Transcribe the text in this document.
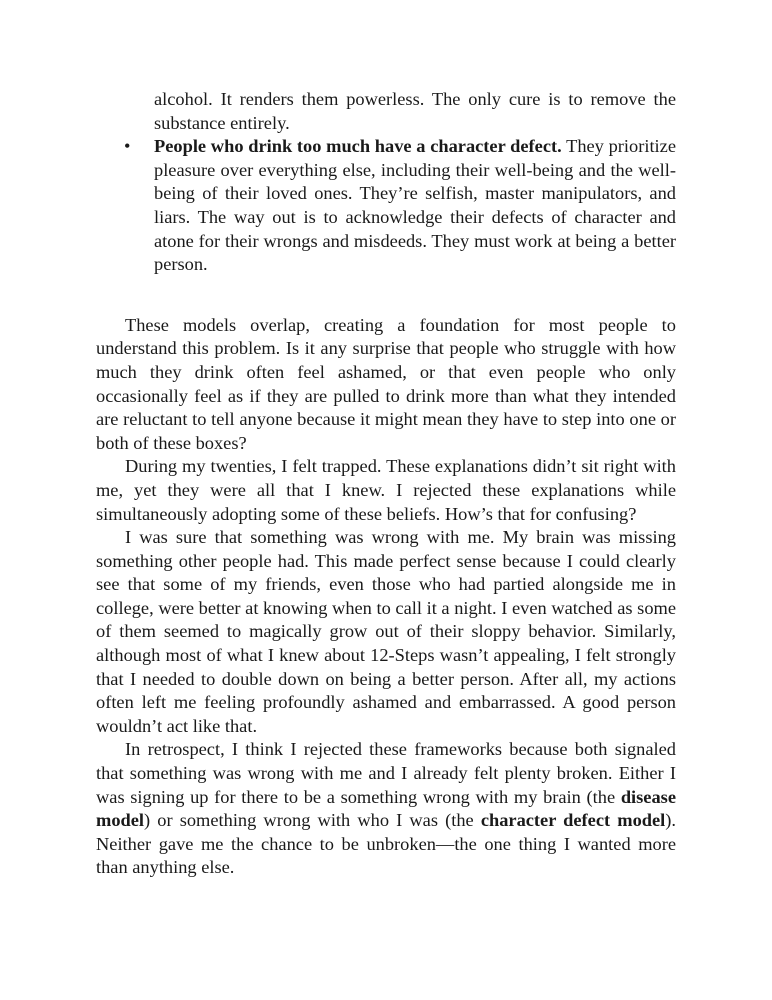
alcohol. It renders them powerless. The only cure is to remove the substance entirely.

• People who drink too much have a character defect. They prioritize pleasure over everything else, including their well-being and the well-being of their loved ones. They’re selfish, master manipulators, and liars. The way out is to acknowledge their defects of character and atone for their wrongs and misdeeds. They must work at being a better person.

These models overlap, creating a foundation for most people to understand this problem. Is it any surprise that people who struggle with how much they drink often feel ashamed, or that even people who only occasionally feel as if they are pulled to drink more than what they intended are reluctant to tell anyone because it might mean they have to step into one or both of these boxes?

During my twenties, I felt trapped. These explanations didn’t sit right with me, yet they were all that I knew. I rejected these explanations while simultaneously adopting some of these beliefs. How’s that for confusing?

I was sure that something was wrong with me. My brain was missing something other people had. This made perfect sense because I could clearly see that some of my friends, even those who had partied alongside me in college, were better at knowing when to call it a night. I even watched as some of them seemed to magically grow out of their sloppy behavior. Similarly, although most of what I knew about 12-Steps wasn’t appealing, I felt strongly that I needed to double down on being a better person. After all, my actions often left me feeling profoundly ashamed and embarrassed. A good person wouldn’t act like that.

In retrospect, I think I rejected these frameworks because both signaled that something was wrong with me and I already felt plenty broken. Either I was signing up for there to be a something wrong with my brain (the disease model) or something wrong with who I was (the character defect model). Neither gave me the chance to be unbroken—the one thing I wanted more than anything else.
